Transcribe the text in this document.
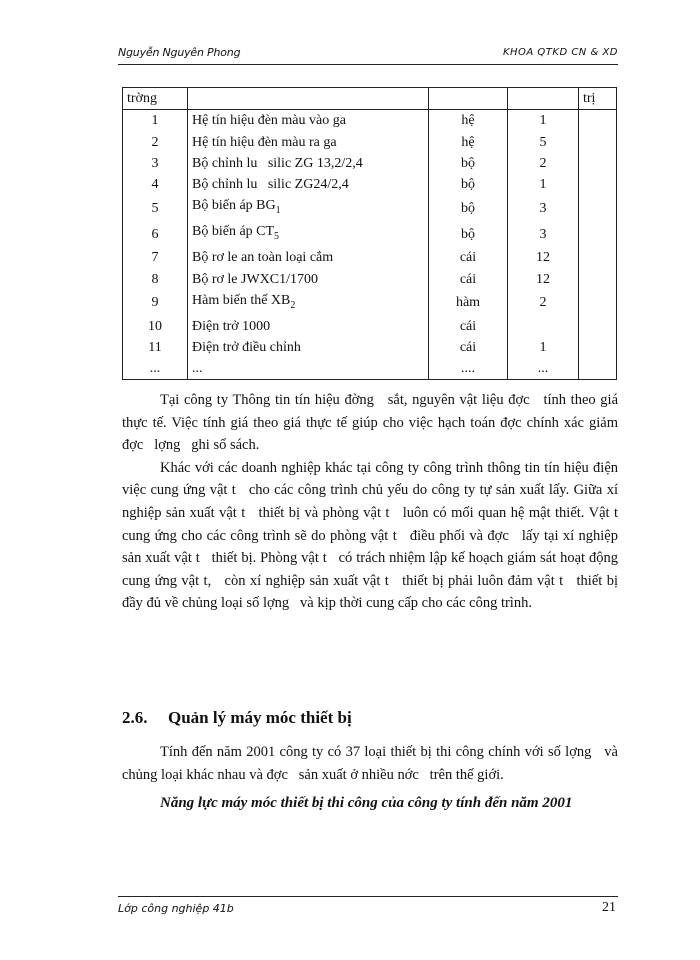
Nguyễn Nguyên Phong	KHOA QTKD CN & XD
trờng				trị
1	Hệ tín hiệu đèn màu vào ga	hệ	1	
2	Hệ tín hiệu đèn màu ra ga	hệ	5	
3	Bộ chỉnh lu   silic ZG 13,2/2,4	bộ	2	
4	Bộ chỉnh lu   silic ZG24/2,4	bộ	1	
5	Bộ biến áp $BG_1$	bộ	3	
6	Bộ biến áp $CT_5$	bộ	3	
7	Bộ rơ le an toàn loại cắm	cái	12	
8	Bộ rơ le JWXC1/1700	cái	12	
9	Hàm biến thế $XB_2$	hàm	2	
10	Điện trở 1000	cái		
11	Điện trở điều chỉnh	cái	1	
...	...	....	...	

Tại công ty Thông tin tín hiệu đờng   sắt, nguyên vật liệu đợc   tính theo giá thực tế. Việc tính giá theo giá thực tế giúp cho việc hạch toán đợc chính xác giảm đợc   lợng   ghi sổ sách.

Khác với các doanh nghiệp khác tại công ty công trình thông tin tín hiệu điện việc cung ứng vật t   cho các công trình chủ yếu do công ty tự sản xuất lấy. Giữa xí nghiệp sản xuất vật t   thiết bị và phòng vật t   luôn có mối quan hệ mật thiết. Vật t   cung ứng cho các công trình sẽ do phòng vật t   điều phối và đợc   lấy tại xí nghiệp sản xuất vật t   thiết bị. Phòng vật t   có trách nhiệm lập kế hoạch giám sát hoạt động cung ứng vật t,   còn xí nghiệp sản xuất vật t   thiết bị phải luôn đảm vật t   thiết bị đầy đủ về chủng loại số lợng   và kịp thời cung cấp cho các công trình.

2.6. Quản lý máy móc thiết bị

Tính đến năm 2001 công ty có 37 loại thiết bị thi công chính với số lợng   và chủng loại khác nhau và đợc   sản xuất ở nhiều nớc   trên thế giới.

Năng lực máy móc thiết bị thi công của công ty tính đến năm 2001
Lớp công nghiệp 41b	21
